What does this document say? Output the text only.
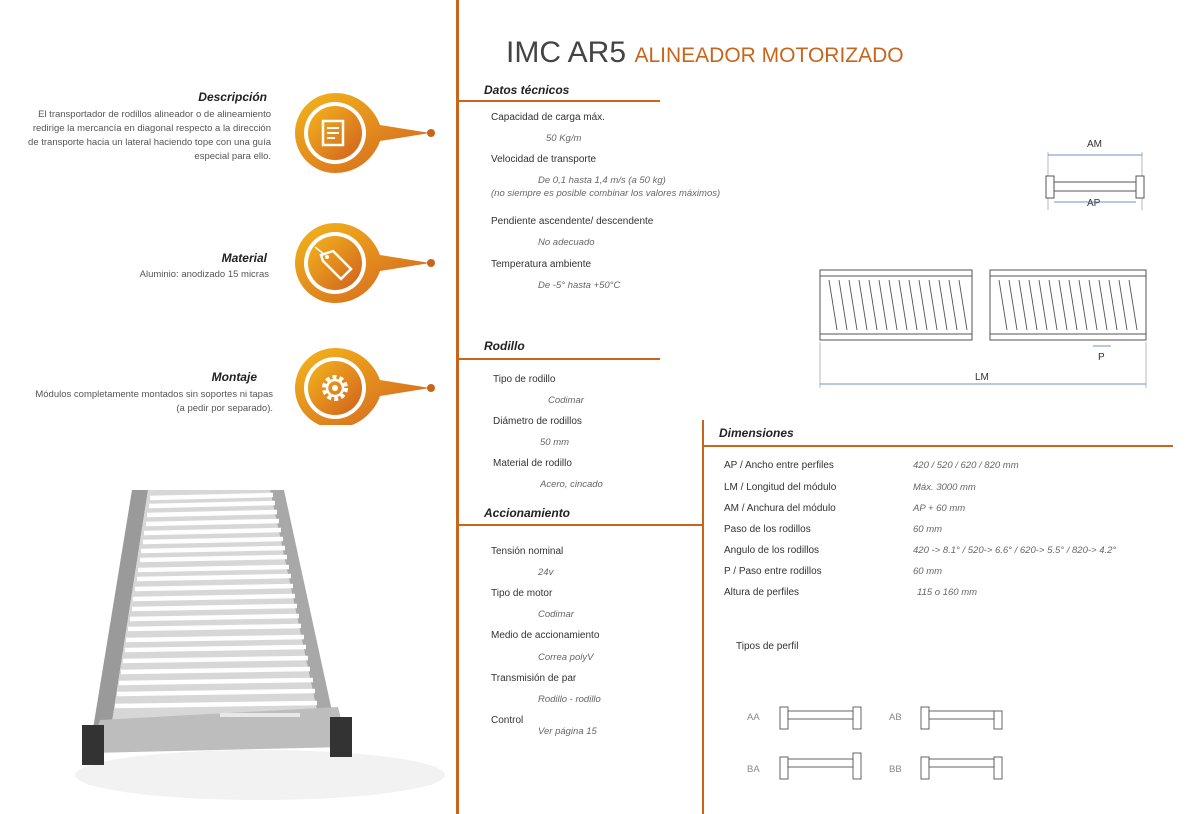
IMC AR5 ALINEADOR MOTORIZADO
Descripción
El transportador de rodillos alineador o de alineamiento redirige la mercancía en diagonal respecto a la dirección de transporte hacia un lateral haciendo tope con una guía especial para ello.
Material
Aluminio: anodizado 15 micras
Montaje
Módulos completamente montados sin soportes ni tapas (a pedir por separado).
Datos técnicos
Capacidad de carga máx.
50 Kg/m
Velocidad de transporte
De 0,1 hasta 1,4 m/s (a 50 kg)
(no siempre es posible combinar los valores máximos)
Pendiente ascendente/ descendente
No adecuado
Temperatura ambiente
De -5° hasta +50°C
Rodillo
Tipo de rodillo
Codimar
Diámetro de rodillos
50 mm
Material de rodillo
Acero, cincado
Accionamiento
Tensión nominal
24v
Tipo de motor
Codimar
Medio de accionamiento
Correa polyV
Transmisión de par
Rodillo - rodillo
Control
Ver página 15
Dimensiones
AP / Ancho entre perfiles	420 / 520 / 620 / 820 mm
LM / Longitud del módulo	Máx. 3000 mm
AM / Anchura del módulo	AP + 60 mm
Paso de los rodillos	60 mm
Angulo de los rodillos	420 -> 8.1° / 520-> 6.6° / 620-> 5.5° / 820-> 4.2°
P / Paso entre rodillos	60 mm
Altura de perfiles	115 o 160 mm
AM
AP
P
LM
Tipos de perfil
AA	AB
BA	BB
